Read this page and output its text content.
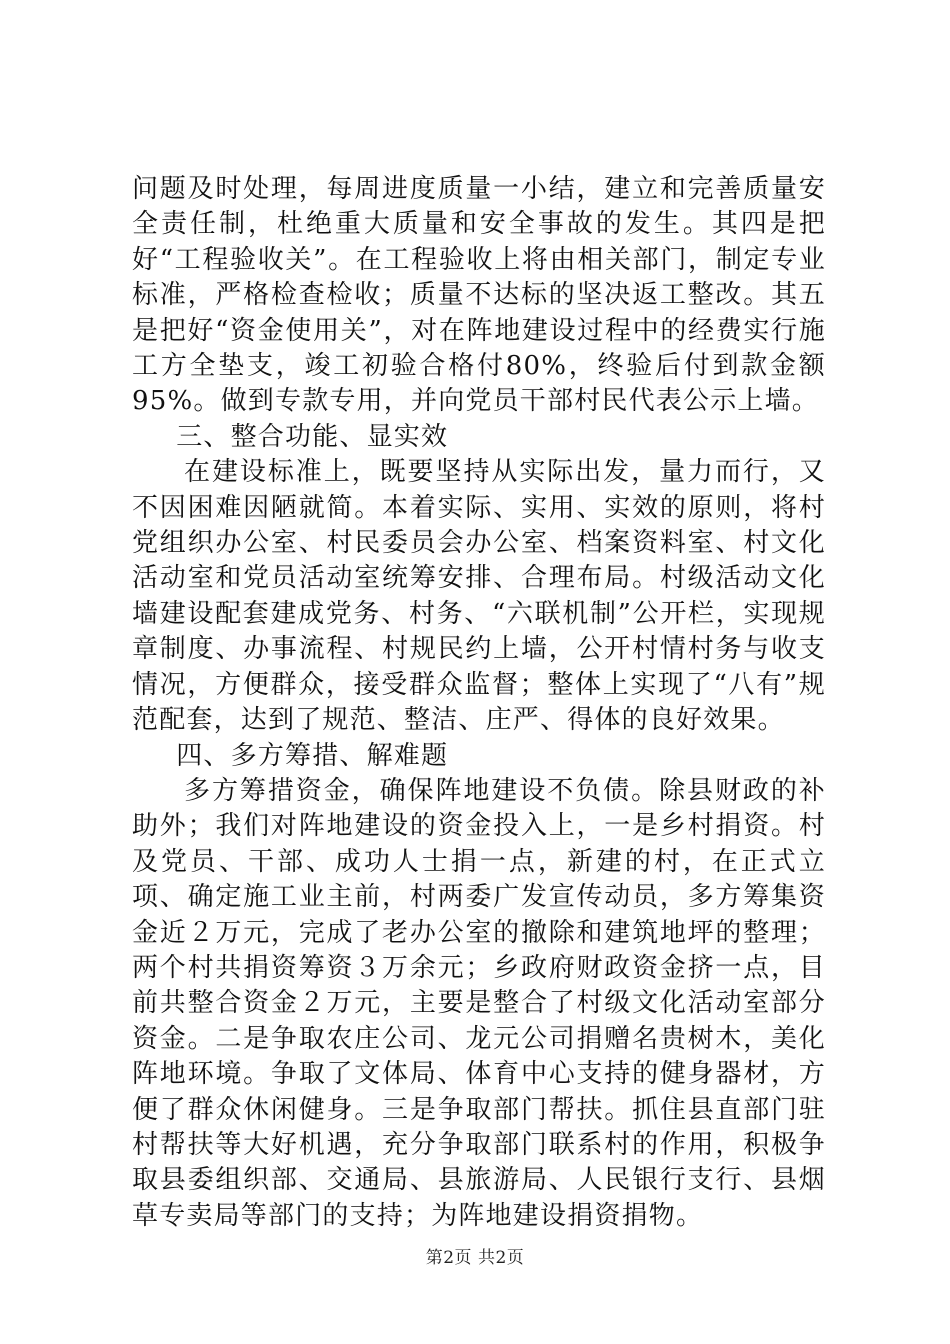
问题及时处理，每周进度质量一小结，建立和完善质量安全责任制，杜绝重大质量和安全事故的发生。其四是把好“工程验收关”。在工程验收上将由相关部门，制定专业标准，严格检查检收；质量不达标的坚决返工整改。其五是把好“资金使用关”，对在阵地建设过程中的经费实行施工方全垫支，竣工初验合格付80%，终验后付到款金额95%。做到专款专用，并向党员干部村民代表公示上墙。

三、整合功能、显实效

在建设标准上，既要坚持从实际出发，量力而行，又不因困难因陋就简。本着实际、实用、实效的原则，将村党组织办公室、村民委员会办公室、档案资料室、村文化活动室和党员活动室统筹安排、合理布局。村级活动文化墙建设配套建成党务、村务、“六联机制”公开栏，实现规章制度、办事流程、村规民约上墙，公开村情村务与收支情况，方便群众，接受群众监督；整体上实现了“八有”规范配套，达到了规范、整洁、庄严、得体的良好效果。

四、多方筹措、解难题

多方筹措资金，确保阵地建设不负债。除县财政的补助外；我们对阵地建设的资金投入上，一是乡村捐资。村及党员、干部、成功人士捐一点，新建的村，在正式立项、确定施工业主前，村两委广发宣传动员，多方筹集资金近２万元，完成了老办公室的撤除和建筑地坪的整理；两个村共捐资筹资３万余元；乡政府财政资金挤一点，目前共整合资金２万元，主要是整合了村级文化活动室部分资金。二是争取农庄公司、龙元公司捐赠名贵树木，美化阵地环境。争取了文体局、体育中心支持的健身器材，方便了群众休闲健身。三是争取部门帮扶。抓住县直部门驻村帮扶等大好机遇，充分争取部门联系村的作用，积极争取县委组织部、交通局、县旅游局、人民银行支行、县烟草专卖局等部门的支持；为阵地建设捐资捐物。

第2页 共2页
